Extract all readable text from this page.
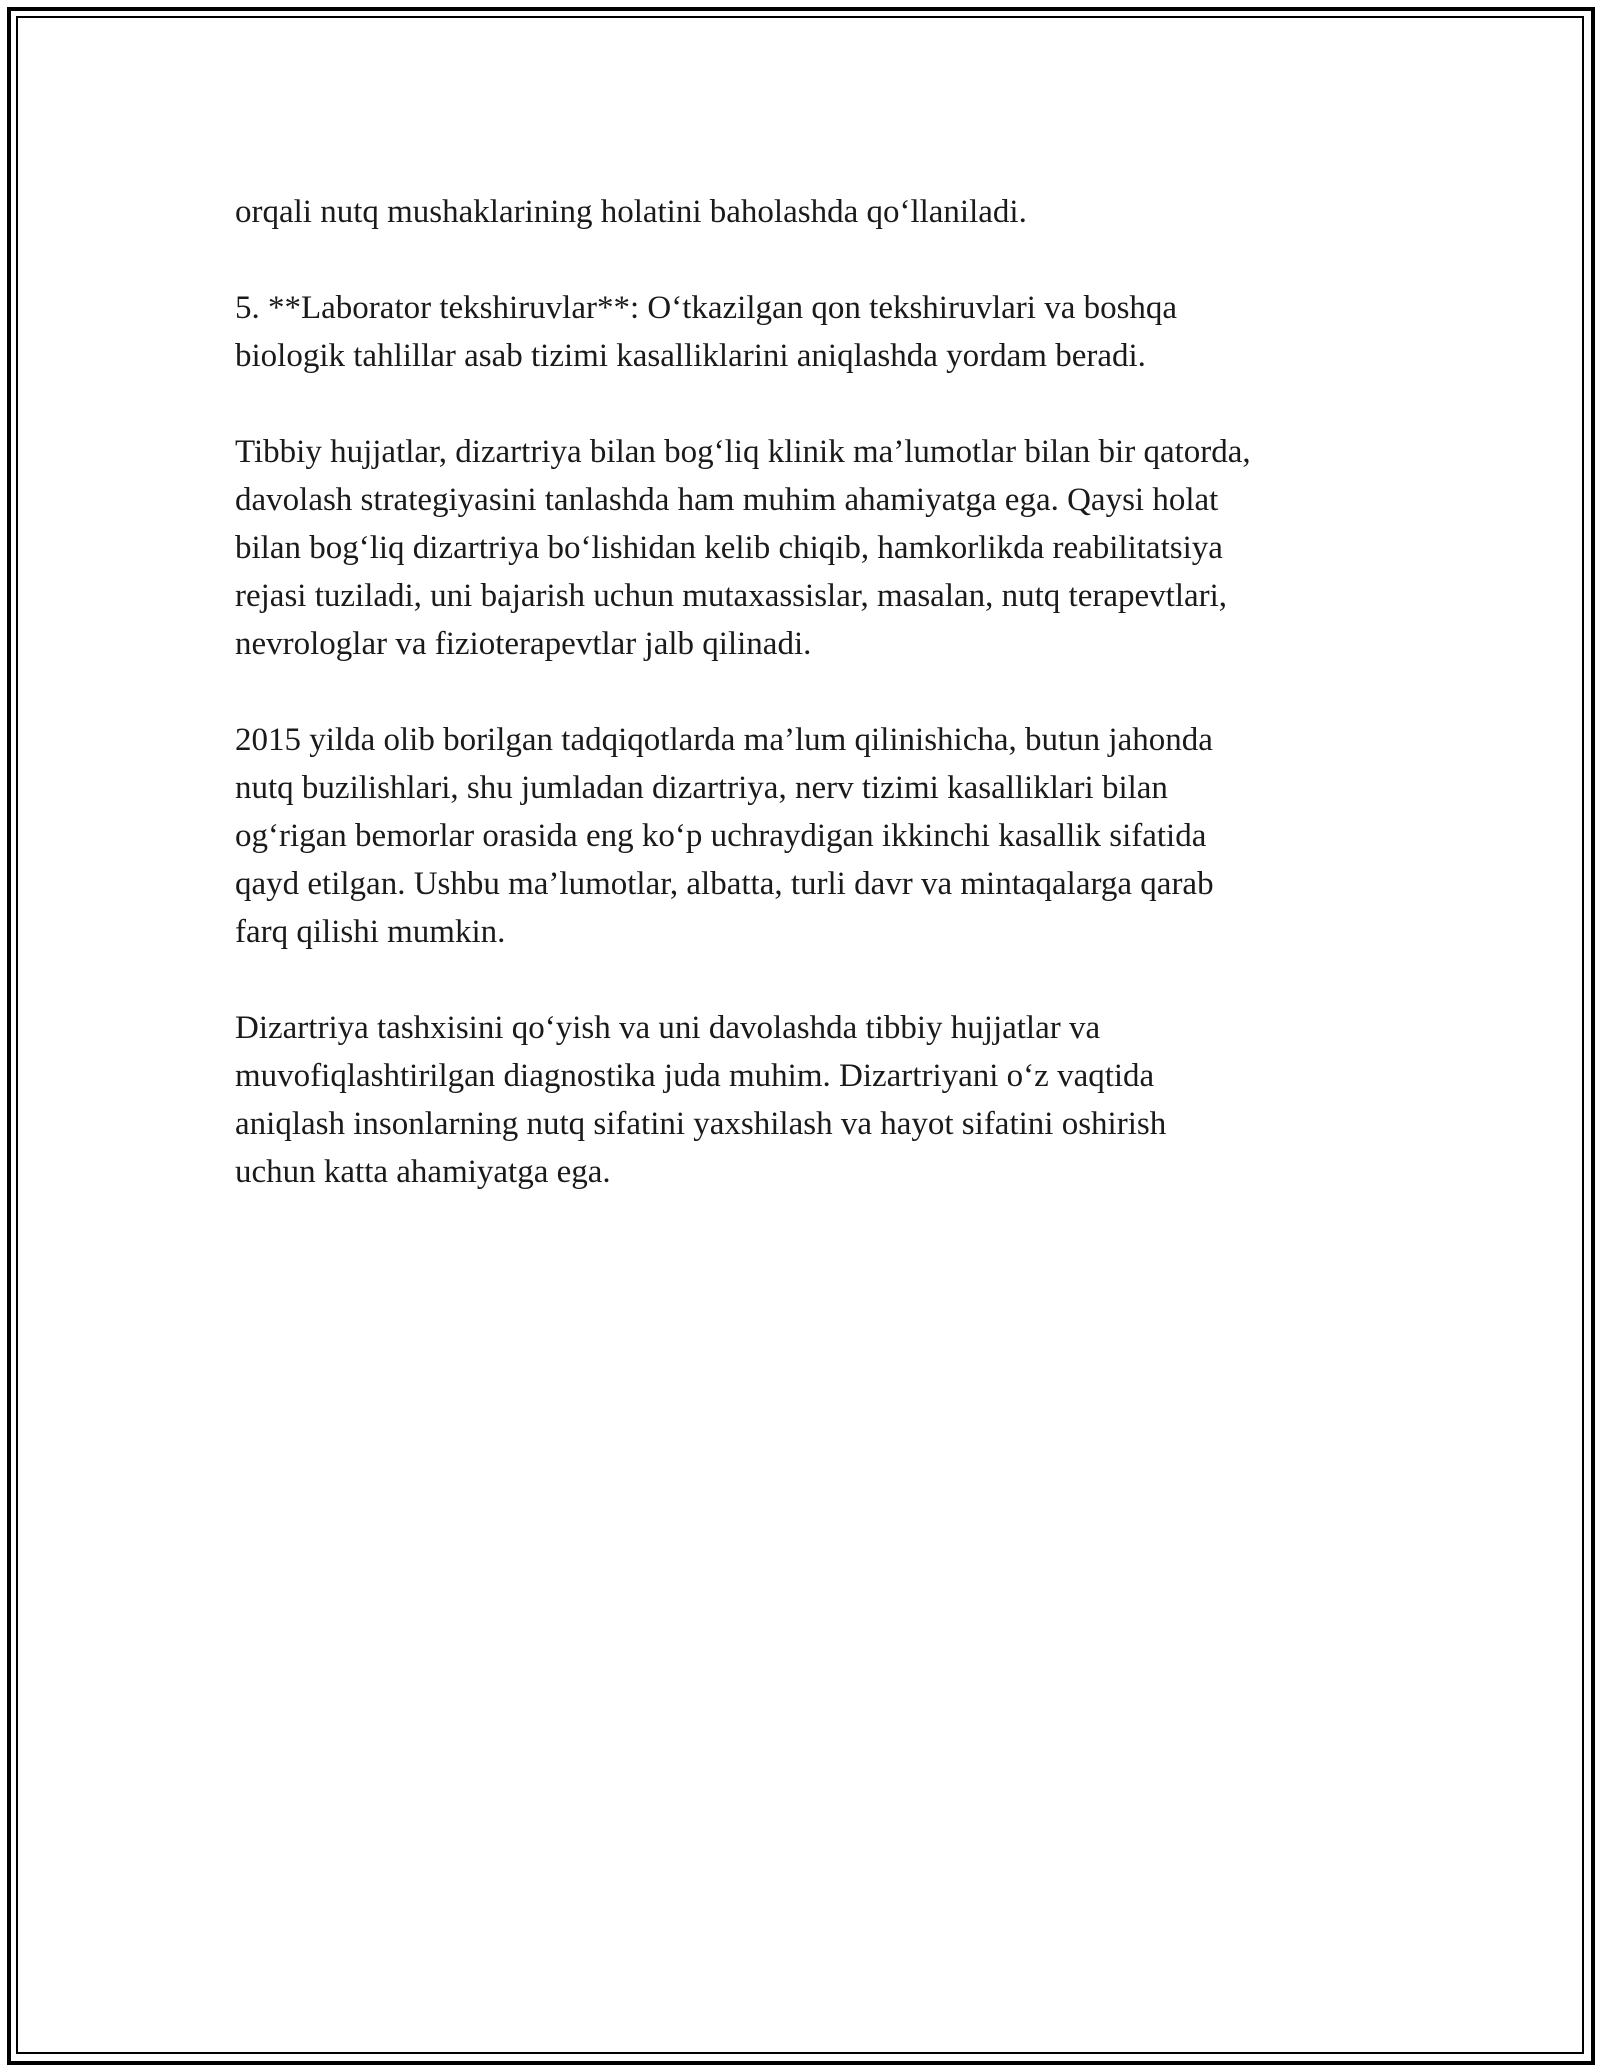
orqali nutq mushaklarining holatini baholashda qo‘llaniladi.

5. **Laborator tekshiruvlar**: O‘tkazilgan qon tekshiruvlari va boshqa
biologik tahlillar asab tizimi kasalliklarini aniqlashda yordam beradi.

Tibbiy hujjatlar, dizartriya bilan bog‘liq klinik ma’lumotlar bilan bir qatorda,
davolash strategiyasini tanlashda ham muhim ahamiyatga ega. Qaysi holat
bilan bog‘liq dizartriya bo‘lishidan kelib chiqib, hamkorlikda reabilitatsiya
rejasi tuziladi, uni bajarish uchun mutaxassislar, masalan, nutq terapevtlari,
nevrologlar va fizioterapevtlar jalb qilinadi.

2015 yilda olib borilgan tadqiqotlarda ma’lum qilinishicha, butun jahonda
nutq buzilishlari, shu jumladan dizartriya, nerv tizimi kasalliklari bilan
og‘rigan bemorlar orasida eng ko‘p uchraydigan ikkinchi kasallik sifatida
qayd etilgan. Ushbu ma’lumotlar, albatta, turli davr va mintaqalarga qarab
farq qilishi mumkin.

Dizartriya tashxisini qo‘yish va uni davolashda tibbiy hujjatlar va
muvofiqlashtirilgan diagnostika juda muhim. Dizartriyani o‘z vaqtida
aniqlash insonlarning nutq sifatini yaxshilash va hayot sifatini oshirish
uchun katta ahamiyatga ega.
